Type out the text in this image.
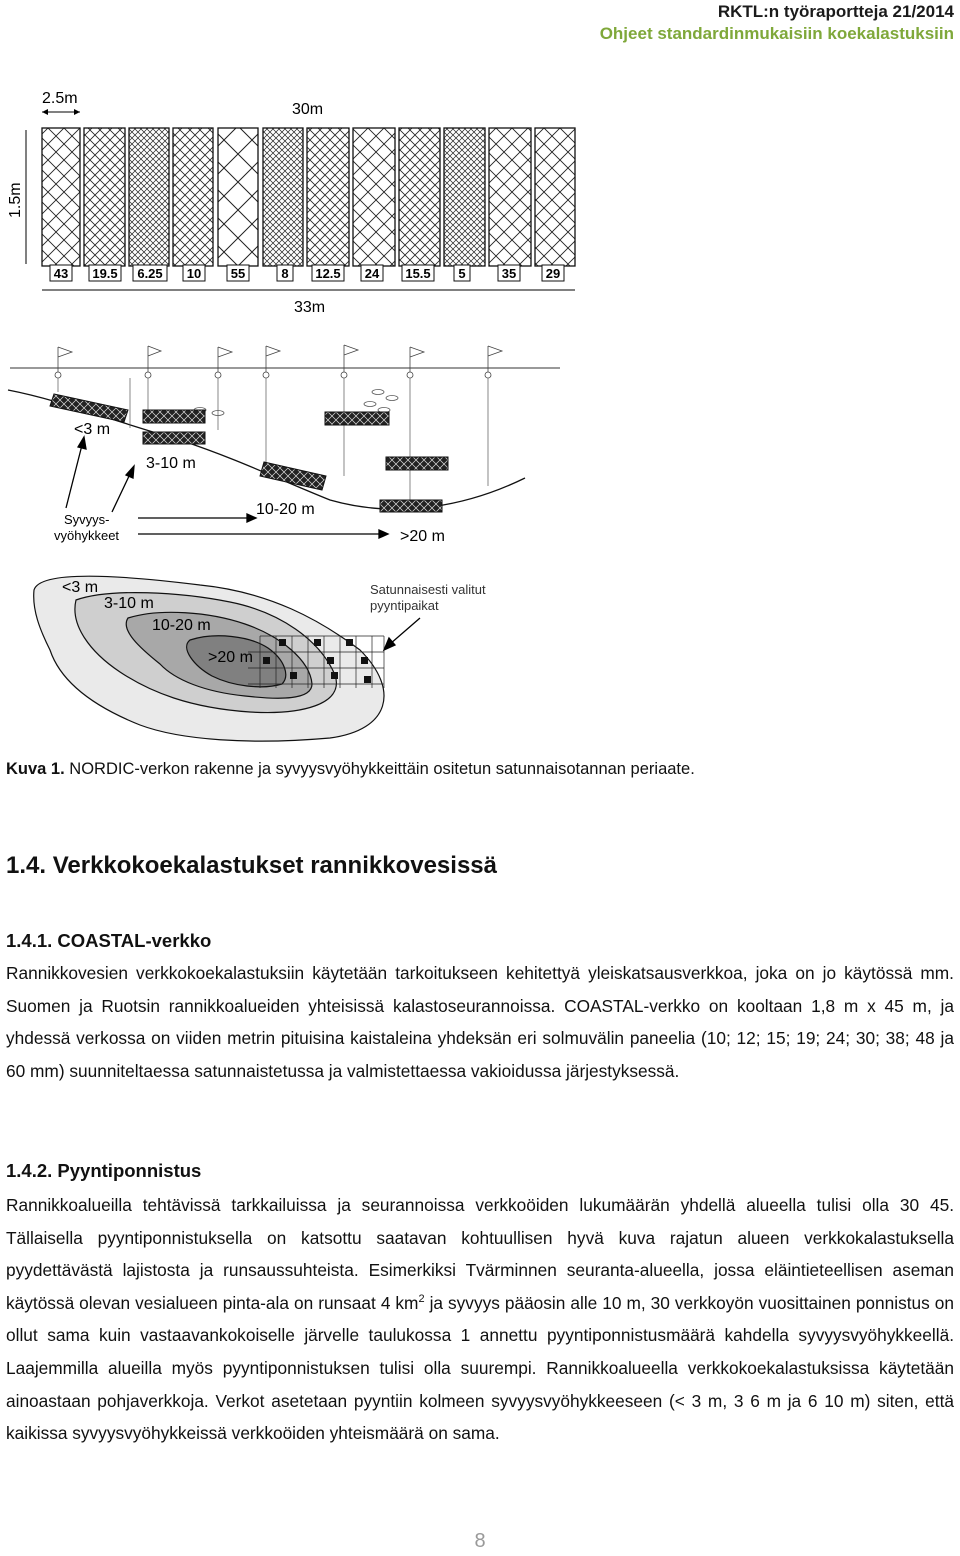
RKTL:n työraportteja 21/2014
Ohjeet standardinmukaisiin koekalastuksiin
2.5m
30m
1.5m
43 19.5 6.25 10 55	8 12.5 24 15.5 5	35 29
33m
<3 m
3-10 m
10-20 m
>20 m
Syvyys-
vyöhykkeet
<3 m
3-10 m
10-20 m
>20 m
Satunnaisesti valitut
pyyntipaikat
Kuva 1. NORDIC-verkon rakenne ja syvyysvyöhykkeittäin ositetun satunnaisotannan periaate.
1.4. Verkkokoekalastukset rannikkovesissä
1.4.1. COASTAL-verkko

Rannikkovesien verkkokoekalastuksiin käytetään tarkoitukseen kehitettyä yleiskatsausverkkoa, joka on jo käytössä mm. Suomen ja Ruotsin rannikkoalueiden yhteisissä kalastoseurannoissa. COASTAL-verkko on kooltaan 1,8 m x 45 m, ja yhdessä verkossa on viiden metrin pituisina kaistaleina yhdeksän eri solmuvälin paneelia (10; 12; 15; 19; 24; 30; 38; 48 ja 60 mm) suunniteltaessa satunnaistetussa ja valmistettaessa vakioidussa järjestyksessä.

1.4.2. Pyyntiponnistus

Rannikkoalueilla tehtävissä tarkkailuissa ja seurannoissa verkkoöiden lukumäärän yhdellä alueella tulisi olla 30 45. Tällaisella pyyntiponnistuksella on katsottu saatavan kohtuullisen hyvä kuva rajatun alueen verkkokalastuksella pyydettävästä lajistosta ja runsaussuhteista. Esimerkiksi Tvärminnen seuranta-alueella, jossa eläintieteellisen aseman käytössä olevan vesialueen pinta-ala on runsaat 4 $km^2$ ja syvyys pääosin alle 10 m, 30 verkkoyön vuosittainen ponnistus on ollut sama kuin vastaavankokoiselle järvelle taulukossa 1 annettu pyyntiponnistusmäärä kahdella syvyysvyöhykkeellä. Laajemmilla alueilla myös pyyntiponnistuksen tulisi olla suurempi. Rannikkoalueella verkkokoekalastuksissa käytetään ainoastaan pohjaverkkoja. Verkot asetetaan pyyntiin kolmeen syvyysvyöhykkeeseen (< 3 m, 3 6 m ja 6 10 m) siten, että kaikissa syvyysvyöhykkeissä verkkoöiden yhteismäärä on sama.

8
